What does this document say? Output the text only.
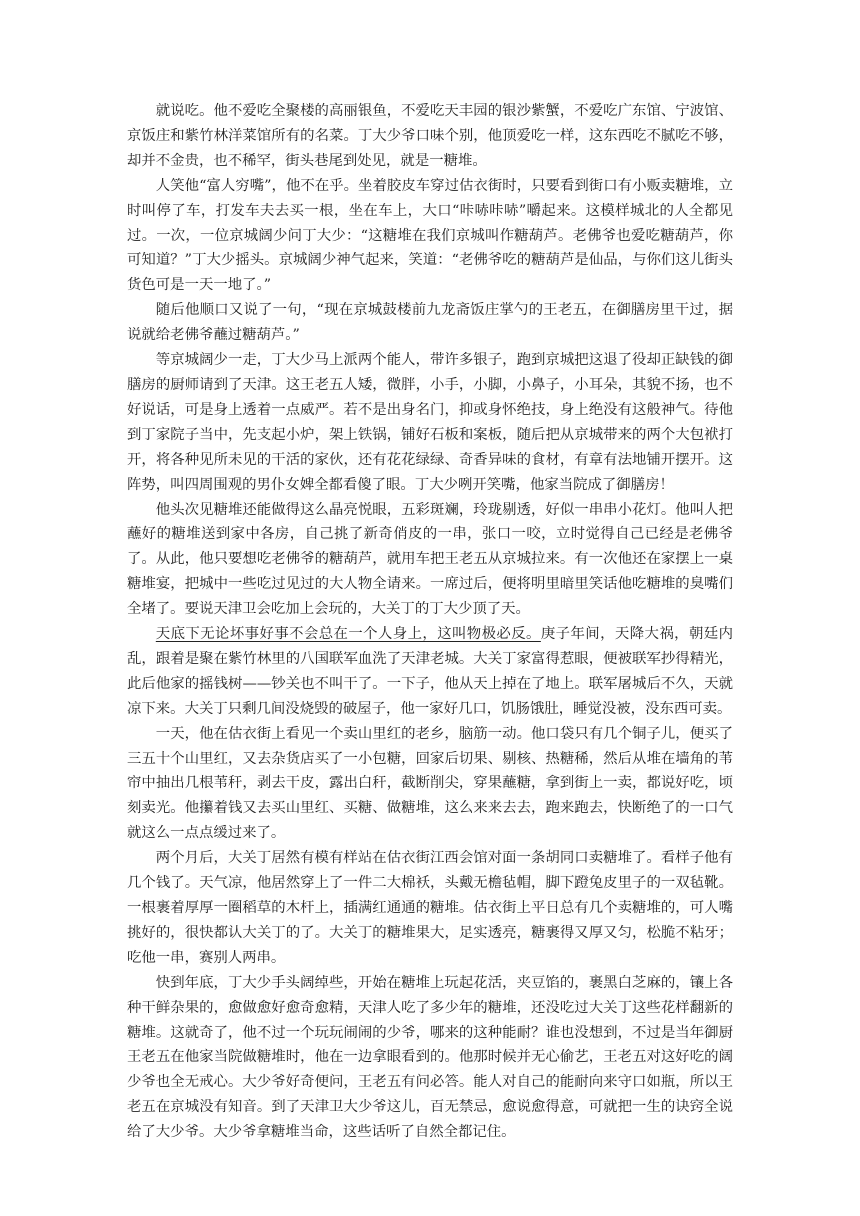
就说吃。他不爱吃全聚楼的高丽银鱼，不爱吃天丰园的银沙紫蟹，不爱吃广东馆、宁波馆、京饭庄和紫竹林洋菜馆所有的名菜。丁大少爷口味个别，他顶爱吃一样，这东西吃不腻吃不够，却并不金贵，也不稀罕，街头巷尾到处见，就是一糖堆。

人笑他“富人穷嘴”，他不在乎。坐着胶皮车穿过估衣街时，只要看到街口有小贩卖糖堆，立时叫停了车，打发车夫去买一根，坐在车上，大口“咔哧咔哧”嚼起来。这模样城北的人全都见过。一次，一位京城阔少问丁大少：“这糖堆在我们京城叫作糖葫芦。老佛爷也爱吃糖葫芦，你可知道？”丁大少摇头。京城阔少神气起来，笑道：“老佛爷吃的糖葫芦是仙品，与你们这儿街头货色可是一天一地了。”

随后他顺口又说了一句，“现在京城鼓楼前九龙斋饭庄掌勺的王老五，在御膳房里干过，据说就给老佛爷蘸过糖葫芦。”

等京城阔少一走，丁大少马上派两个能人，带许多银子，跑到京城把这退了役却正缺钱的御膳房的厨师请到了天津。这王老五人矮，微胖，小手，小脚，小鼻子，小耳朵，其貌不扬，也不好说话，可是身上透着一点威严。若不是出身名门，抑或身怀绝技，身上绝没有这般神气。待他到丁家院子当中，先支起小炉，架上铁锅，铺好石板和案板，随后把从京城带来的两个大包袱打开，将各种见所未见的干活的家伙，还有花花绿绿、奇香异味的食材，有章有法地铺开摆开。这阵势，叫四周围观的男仆女婢全都看傻了眼。丁大少咧开笑嘴，他家当院成了御膳房！

他头次见糖堆还能做得这么晶亮悦眼，五彩斑斓，玲珑剔透，好似一串串小花灯。他叫人把蘸好的糖堆送到家中各房，自己挑了新奇俏皮的一串，张口一咬，立时觉得自己已经是老佛爷了。从此，他只要想吃老佛爷的糖葫芦，就用车把王老五从京城拉来。有一次他还在家摆上一桌糖堆宴，把城中一些吃过见过的大人物全请来。一席过后，便将明里暗里笑话他吃糖堆的臭嘴们全堵了。要说天津卫会吃加上会玩的，大关丁的丁大少顶了天。

天底下无论坏事好事不会总在一个人身上，这叫物极必反。庚子年间，天降大祸，朝廷内乱，跟着是聚在紫竹林里的八国联军血洗了天津老城。大关丁家富得惹眼，便被联军抄得精光，此后他家的摇钱树——钞关也不叫干了。一下子，他从天上掉在了地上。联军屠城后不久，天就凉下来。大关丁只剩几间没烧毁的破屋子，他一家好几口，饥肠饿肚，睡觉没被，没东西可卖。

一天，他在估衣街上看见一个卖山里红的老乡，脑筋一动。他口袋只有几个铜子儿，便买了三五十个山里红，又去杂货店买了一小包糖，回家后切果、剔核、热糖稀，然后从堆在墙角的苇帘中抽出几根苇秆，剥去干皮，露出白秆，截断削尖，穿果蘸糖，拿到街上一卖，都说好吃，顷刻卖光。他攥着钱又去买山里红、买糖、做糖堆，这么来来去去，跑来跑去，快断绝了的一口气就这么一点点缓过来了。

两个月后，大关丁居然有模有样站在估衣街江西会馆对面一条胡同口卖糖堆了。看样子他有几个钱了。天气凉，他居然穿上了一件二大棉袄，头戴无檐毡帽，脚下蹬兔皮里子的一双毡靴。一根裹着厚厚一圈稻草的木杆上，插满红通通的糖堆。估衣街上平日总有几个卖糖堆的，可人嘴挑好的，很快都认大关丁的了。大关丁的糖堆果大，足实透亮，糖裹得又厚又匀，松脆不粘牙；吃他一串，赛别人两串。

快到年底，丁大少手头阔绰些，开始在糖堆上玩起花活，夹豆馅的，裹黑白芝麻的，镶上各种干鲜杂果的，愈做愈好愈奇愈精，天津人吃了多少年的糖堆，还没吃过大关丁这些花样翻新的糖堆。这就奇了，他不过一个玩玩闹闹的少爷，哪来的这种能耐？谁也没想到，不过是当年御厨王老五在他家当院做糖堆时，他在一边拿眼看到的。他那时候并无心偷艺，王老五对这好吃的阔少爷也全无戒心。大少爷好奇便问，王老五有问必答。能人对自己的能耐向来守口如瓶，所以王老五在京城没有知音。到了天津卫大少爷这儿，百无禁忌，愈说愈得意，可就把一生的诀窍全说给了大少爷。大少爷拿糖堆当命，这些话听了自然全都记住。
